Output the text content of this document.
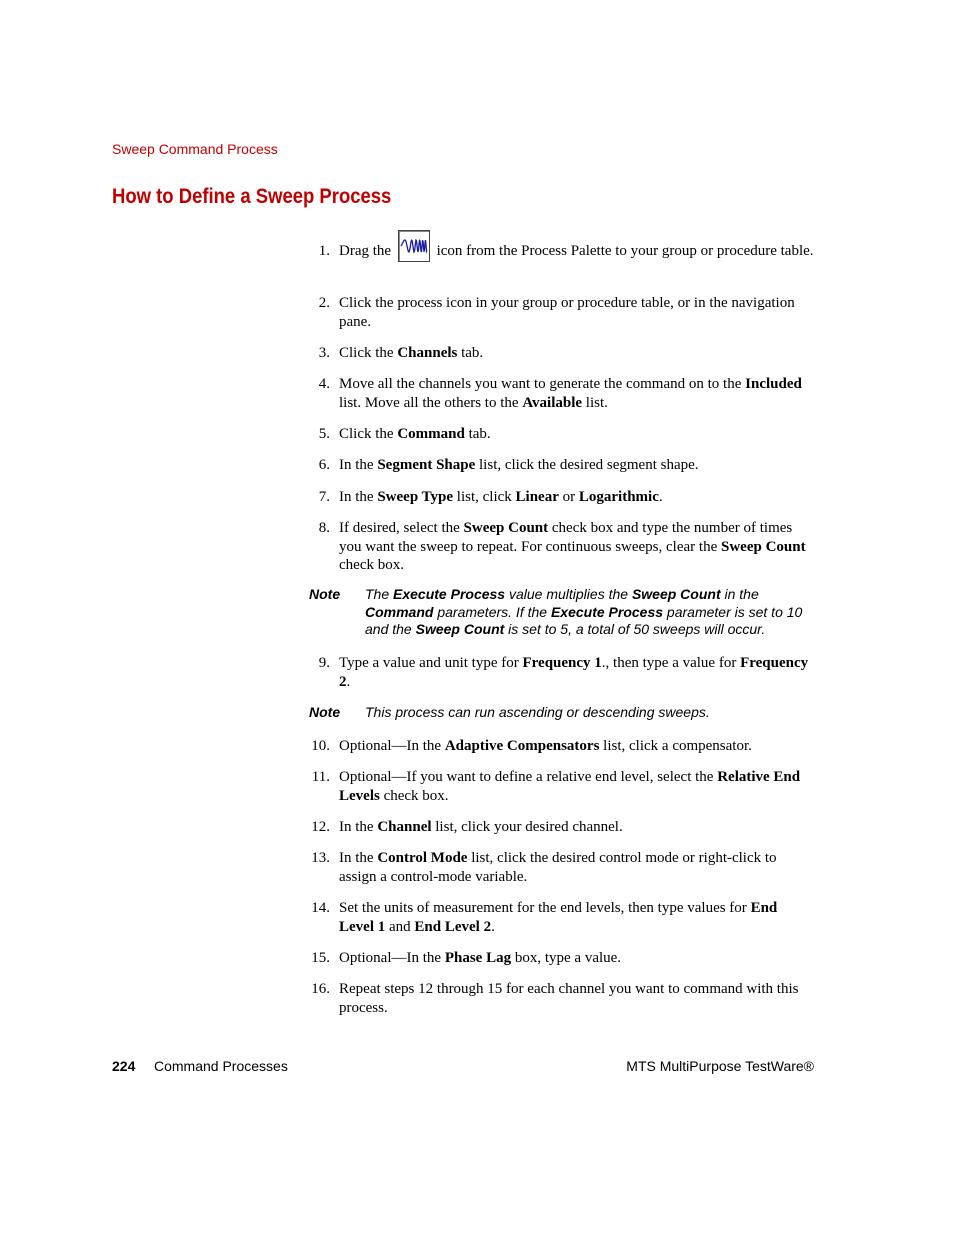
Sweep Command Process
How to Define a Sweep Process
1. Drag the	icon from the Process Palette to your group or procedure table.
2. Click the process icon in your group or procedure table, or in the navigation pane.
3. Click the Channels tab.
4. Move all the channels you want to generate the command on to the Included list. Move all the others to the Available list.
5. Click the Command tab.
6. In the Segment Shape list, click the desired segment shape.
7. In the Sweep Type list, click Linear or Logarithmic.
8. If desired, select the Sweep Count check box and type the number of times you want the sweep to repeat. For continuous sweeps, clear the Sweep Count check box.
Note The Execute Process value multiplies the Sweep Count in the Command parameters. If the Execute Process parameter is set to 10 and the Sweep Count is set to 5, a total of 50 sweeps will occur.
9. Type a value and unit type for Frequency 1., then type a value for Frequency 2.
Note This process can run ascending or descending sweeps.
10. Optional—In the Adaptive Compensators list, click a compensator.
11. Optional—If you want to define a relative end level, select the Relative End Levels check box.
12. In the Channel list, click your desired channel.
13. In the Control Mode list, click the desired control mode or right-click to assign a control-mode variable.
14. Set the units of measurement for the end levels, then type values for End Level 1 and End Level 2.
15. Optional—In the Phase Lag box, type a value.
16. Repeat steps 12 through 15 for each channel you want to command with this process.
224 Command Processes	MTS MultiPurpose TestWare®
